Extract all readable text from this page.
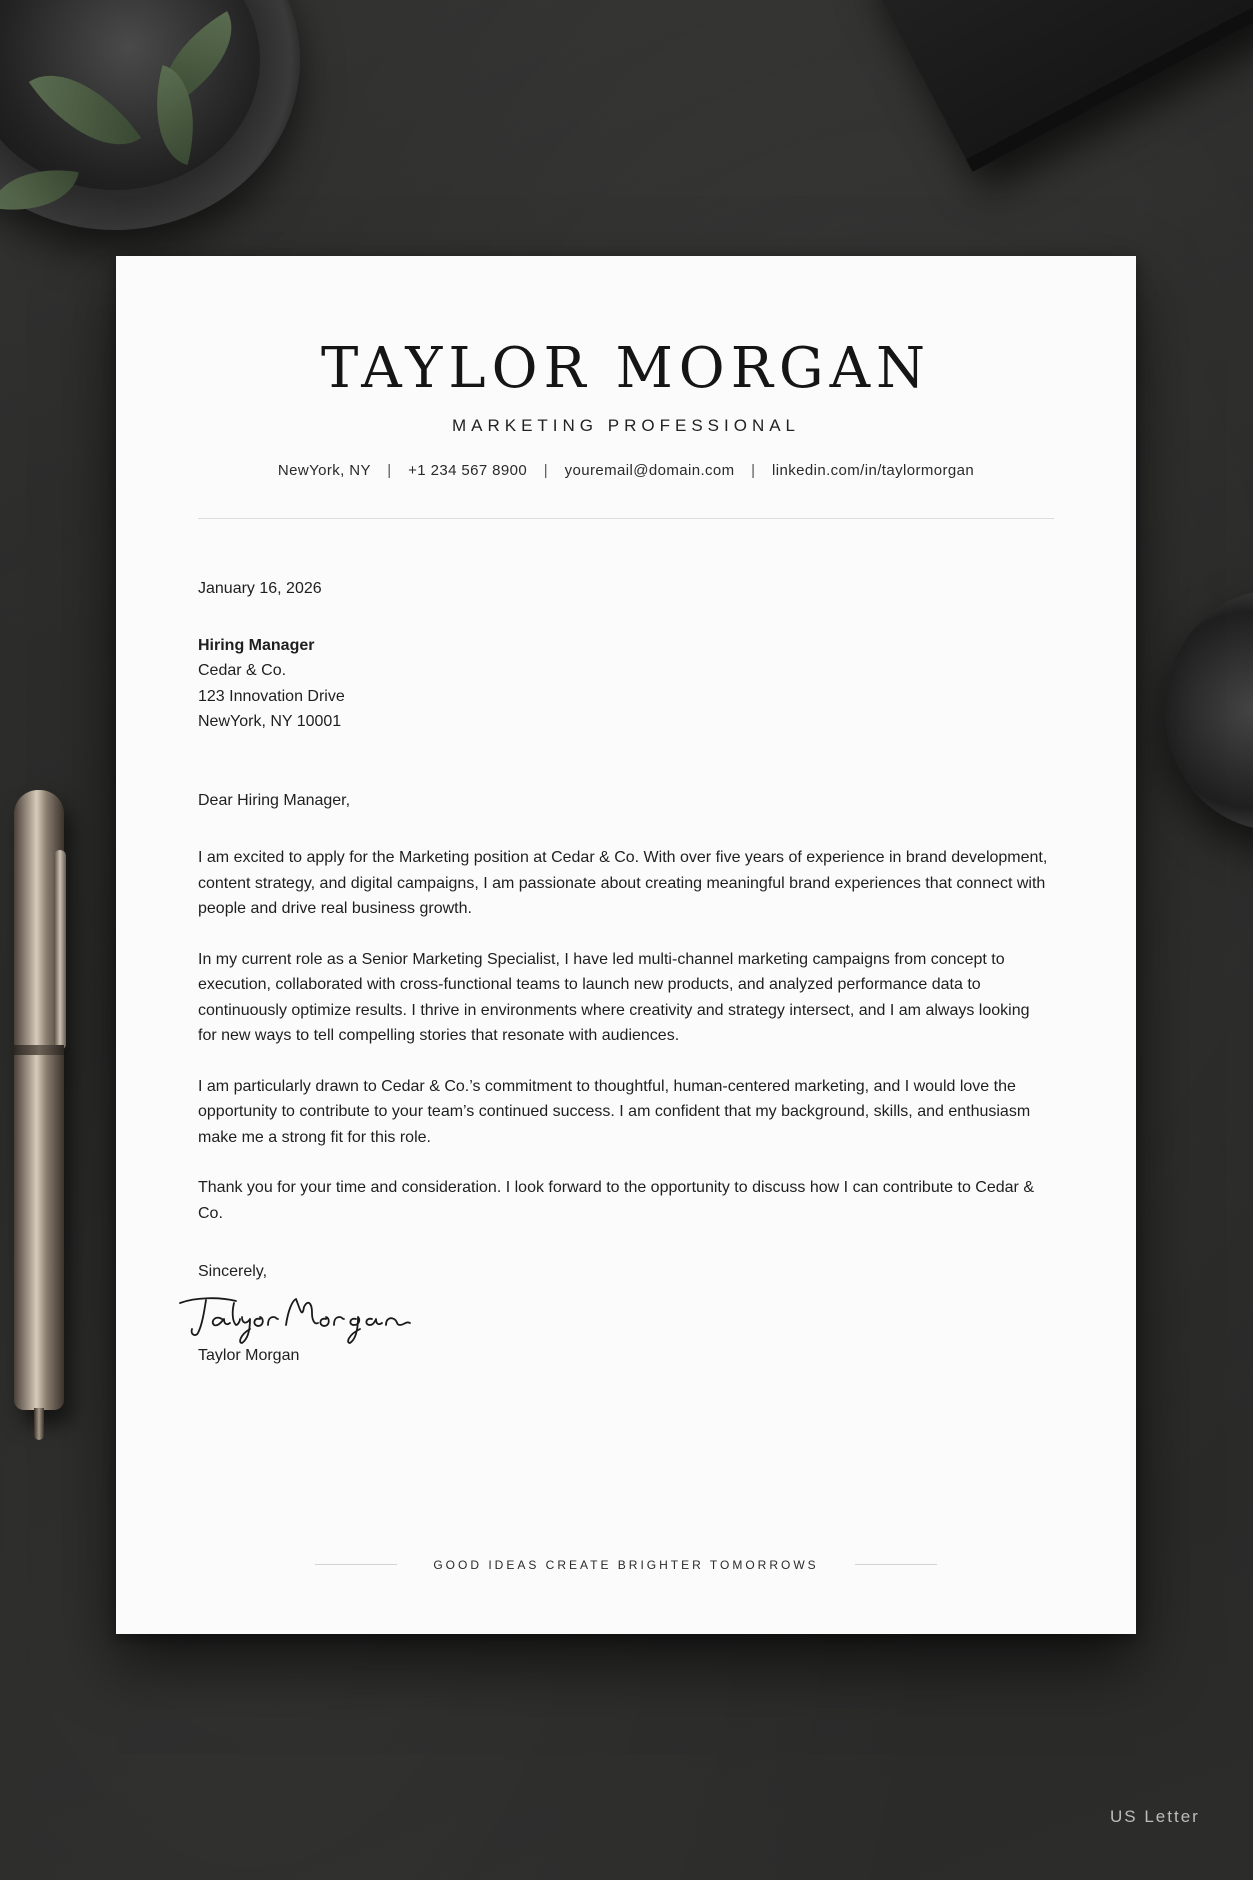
TAYLOR MORGAN
MARKETING PROFESSIONAL
NewYork, NY | +1 234 567 8900 | youremail@domain.com | linkedin.com/in/taylormorgan
January 16, 2026
Hiring Manager
Cedar & Co.
123 Innovation Drive
NewYork, NY 10001
Dear Hiring Manager,
I am excited to apply for the Marketing position at Cedar & Co. With over five years of experience in brand development, content strategy, and digital campaigns, I am passionate about creating meaningful brand experiences that connect with people and drive real business growth.
In my current role as a Senior Marketing Specialist, I have led multi-channel marketing campaigns from concept to execution, collaborated with cross-functional teams to launch new products, and analyzed performance data to continuously optimize results. I thrive in environments where creativity and strategy intersect, and I am always looking for new ways to tell compelling stories that resonate with audiences.
I am particularly drawn to Cedar & Co.’s commitment to thoughtful, human-centered marketing, and I would love the opportunity to contribute to your team’s continued success. I am confident that my background, skills, and enthusiasm make me a strong fit for this role.
Thank you for your time and consideration. I look forward to the opportunity to discuss how I can contribute to Cedar & Co.
Sincerely,
Taylor Morgan
GOOD IDEAS CREATE BRIGHTER TOMORROWS
US Letter
